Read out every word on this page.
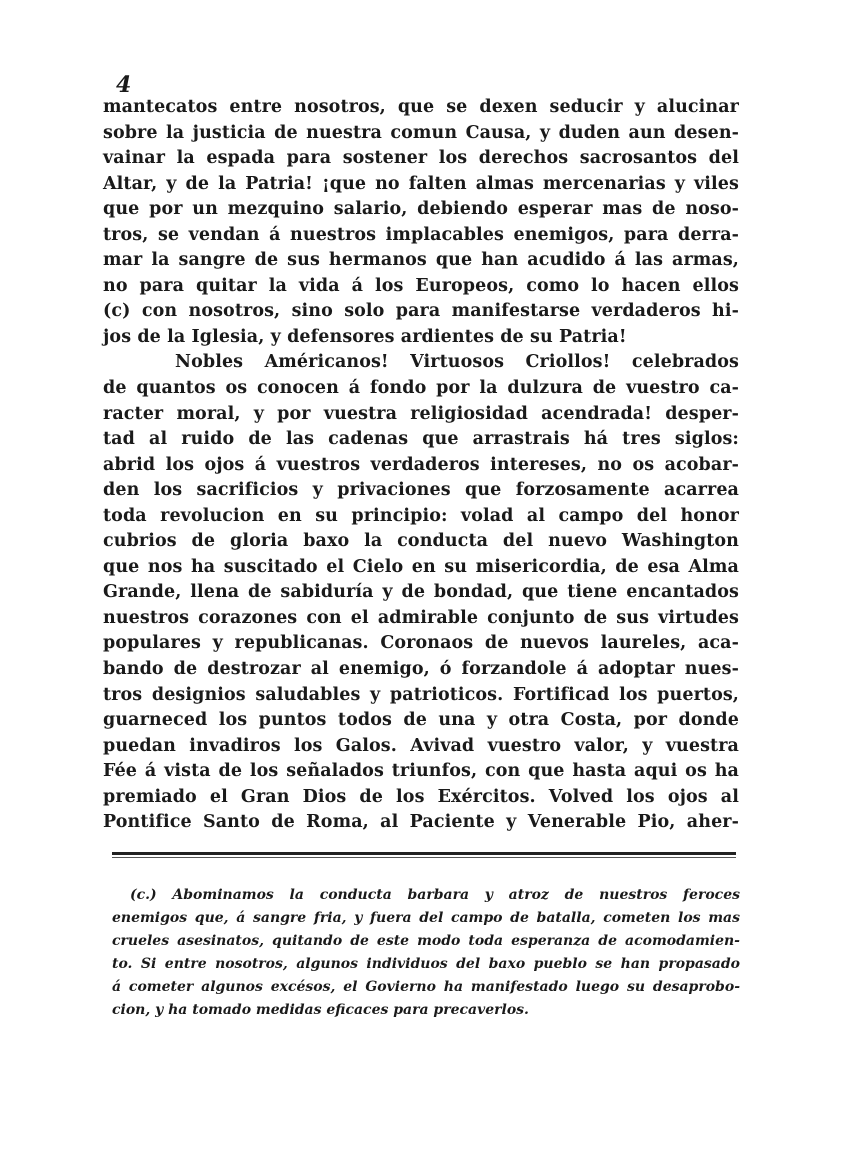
4
mantecatos entre nosotros, que se dexen seducir y alucinar
sobre la justicia de nuestra comun Causa, y duden aun desen-
vainar la espada para sostener los derechos sacrosantos del
Altar, y de la Patria! ¡que no falten almas mercenarias y viles
que por un mezquino salario, debiendo esperar mas de noso-
tros, se vendan á nuestros implacables enemigos, para derra-
mar la sangre de sus hermanos que han acudido á las armas,
no para quitar la vida á los Europeos, como lo hacen ellos
(c) con nosotros, sino solo para manifestarse verdaderos hi-
jos de la Iglesia, y defensores ardientes de su Patria!
Nobles Américanos! Virtuosos Criollos! celebrados
de quantos os conocen á fondo por la dulzura de vuestro ca-
racter moral, y por vuestra religiosidad acendrada! desper-
tad al ruido de las cadenas que arrastrais há tres siglos:
abrid los ojos á vuestros verdaderos intereses, no os acobar-
den los sacrificios y privaciones que forzosamente acarrea
toda revolucion en su principio: volad al campo del honor
cubrios de gloria baxo la conducta del nuevo Washington
que nos ha suscitado el Cielo en su misericordia, de esa Alma
Grande, llena de sabiduría y de bondad, que tiene encantados
nuestros corazones con el admirable conjunto de sus virtudes
populares y republicanas. Coronaos de nuevos laureles, aca-
bando de destrozar al enemigo, ó forzandole á adoptar nues-
tros designios saludables y patrioticos. Fortificad los puertos,
guarneced los puntos todos de una y otra Costa, por donde
puedan invadiros los Galos. Avivad vuestro valor, y vuestra
Fée á vista de los señalados triunfos, con que hasta aqui os ha
premiado el Gran Dios de los Exércitos. Volved los ojos al
Pontifice Santo de Roma, al Paciente y Venerable Pio, aher-
(c.) Abominamos la conducta barbara y atroz de nuestros feroces
enemigos que, á sangre fria, y fuera del campo de batalla, cometen los mas
crueles asesinatos, quitando de este modo toda esperanza de acomodamien-
to. Si entre nosotros, algunos individuos del baxo pueblo se han propasado
á cometer algunos excésos, el Govierno ha manifestado luego su desaprobo-
cion, y ha tomado medidas eficaces para precaverlos.
